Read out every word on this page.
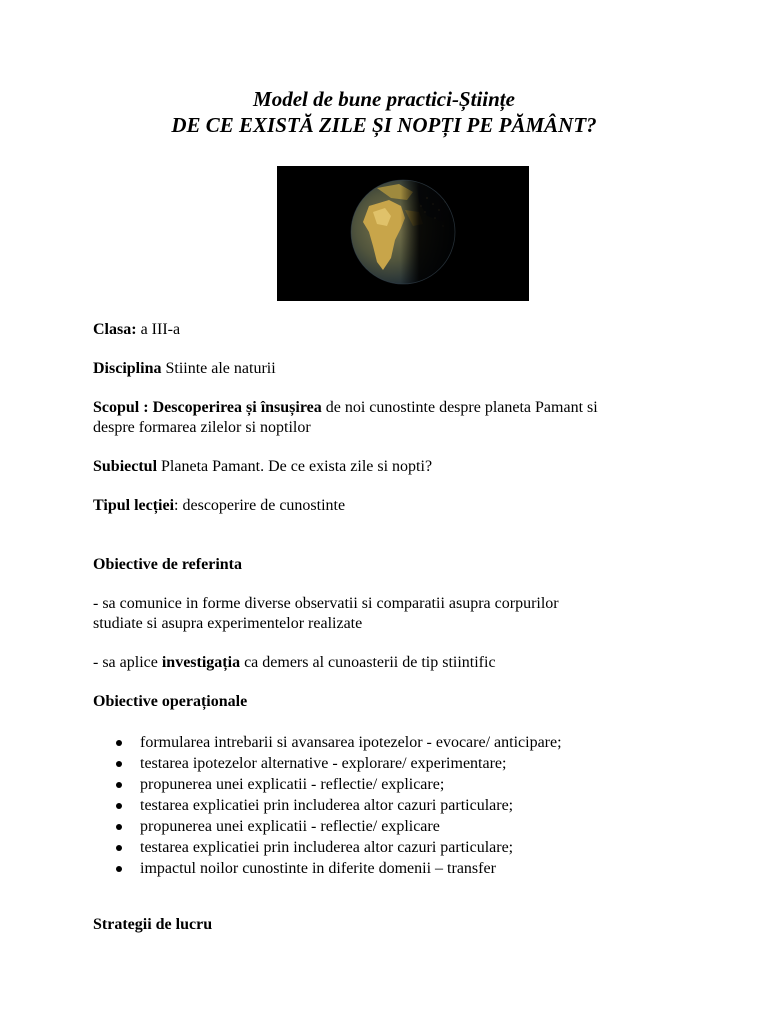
Model de bune practici-Științe
DE CE EXISTĂ ZILE ȘI NOPȚI PE PĂMÂNT?
Clasa: a III-a
Disciplina Stiinte ale naturii
Scopul : Descoperirea și însușirea de noi cunostinte despre planeta Pamant si
despre formarea zilelor si noptilor
Subiectul Planeta Pamant. De ce exista zile si nopti?
Tipul lecției: descoperire de cunostinte
Obiective de referinta
- sa comunice in forme diverse observatii si comparatii asupra corpurilor
studiate si asupra experimentelor realizate
- sa aplice investigația ca demers al cunoasterii de tip stiintific
Obiective operaționale
formularea intrebarii si avansarea ipotezelor - evocare/ anticipare;
testarea ipotezelor alternative - explorare/ experimentare;
propunerea unei explicatii - reflectie/ explicare;
testarea explicatiei prin includerea altor cazuri particulare;
propunerea unei explicatii - reflectie/ explicare
testarea explicatiei prin includerea altor cazuri particulare;
impactul noilor cunostinte in diferite domenii – transfer
Strategii de lucru
